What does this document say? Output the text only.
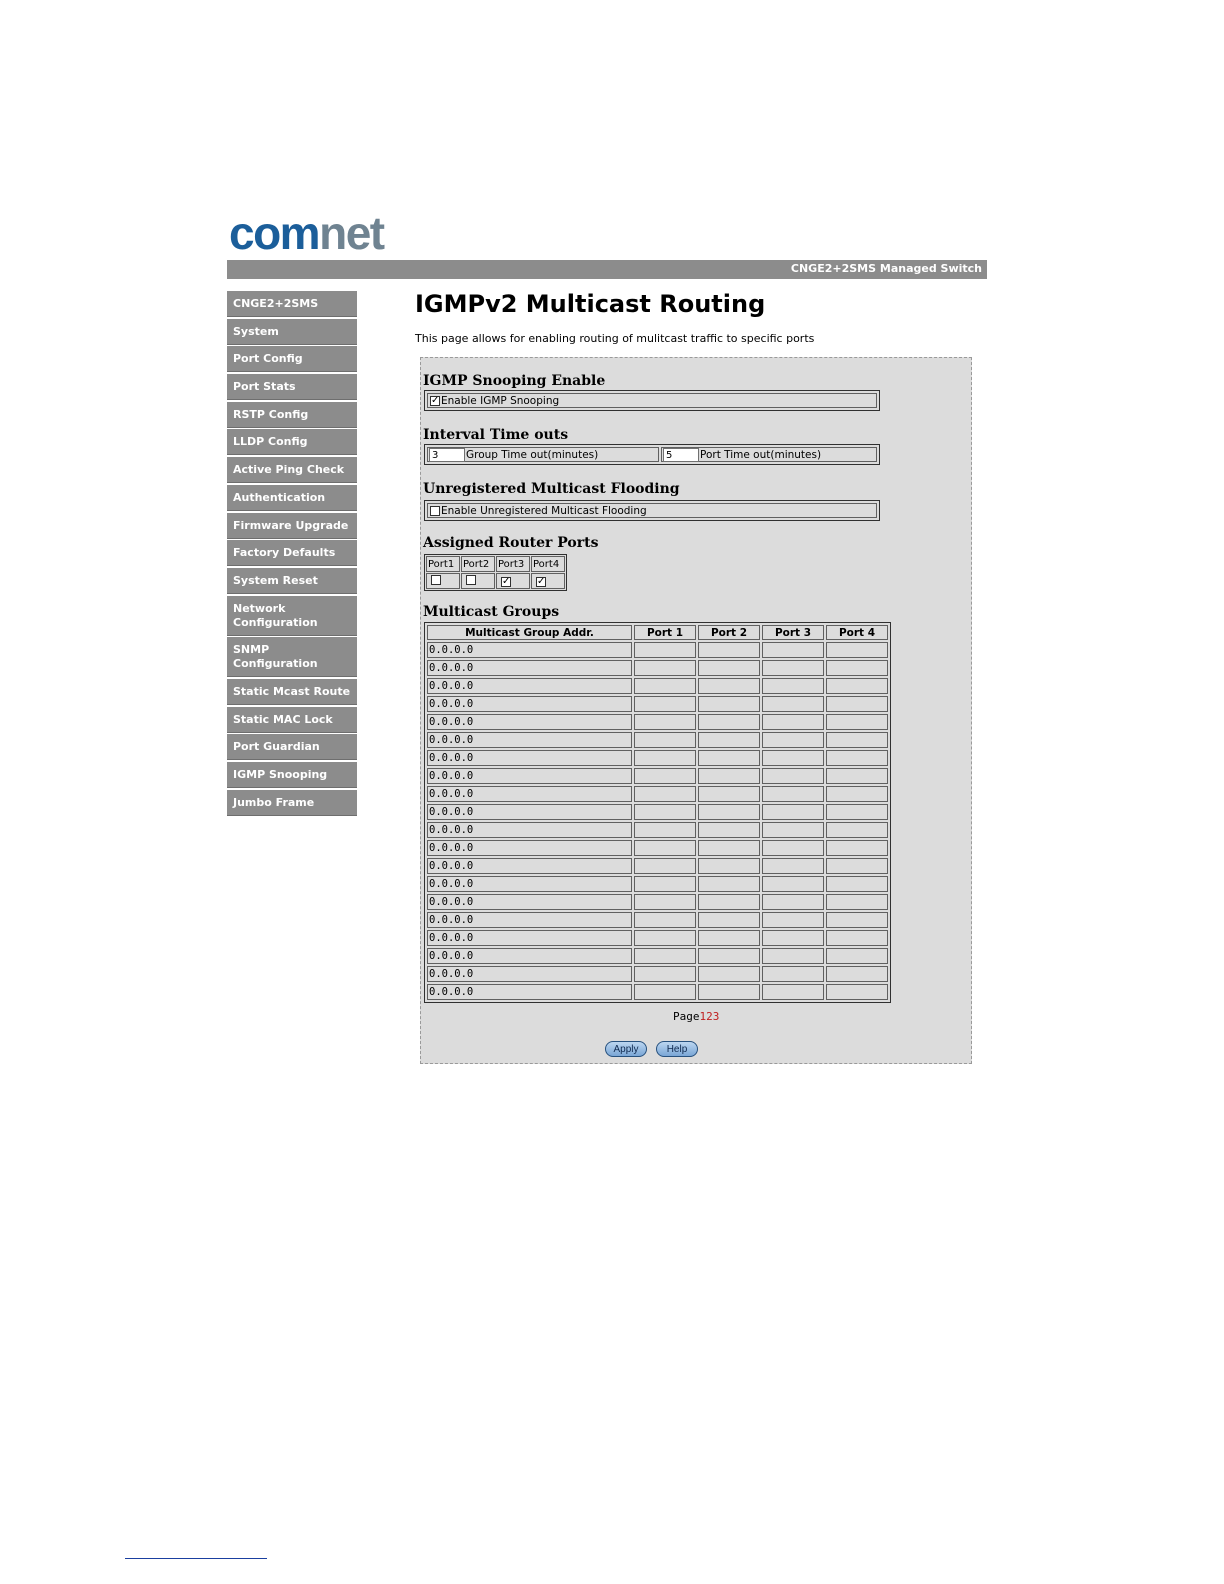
comnet
CNGE2+2SMS Managed Switch
CNGE2+2SMS
System
Port Config
Port Stats
RSTP Config
LLDP Config
Active Ping Check
Authentication
Firmware Upgrade
Factory Defaults
System Reset
Network Configuration
SNMP Configuration
Static Mcast Route
Static MAC Lock
Port Guardian
IGMP Snooping
Jumbo Frame
IGMPv2 Multicast Routing
This page allows for enabling routing of mulitcast traffic to specific ports
IGMP Snooping Enable
✓ Enable IGMP Snooping
Interval Time outs
3	Group Time out(minutes)	5	Port Time out(minutes)
Unregistered Multicast Flooding
Enable Unregistered Multicast Flooding
Assigned Router Ports
Port1	Port2	Port3	Port4
		✓	✓
Multicast Groups
Multicast Group Addr.	Port 1	Port 2	Port 3	Port 4
0.0.0.0				
0.0.0.0				
0.0.0.0				
0.0.0.0				
0.0.0.0				
0.0.0.0				
0.0.0.0				
0.0.0.0				
0.0.0.0				
0.0.0.0				
0.0.0.0				
0.0.0.0				
0.0.0.0				
0.0.0.0				
0.0.0.0				
0.0.0.0				
0.0.0.0				
0.0.0.0				
0.0.0.0				
0.0.0.0				
Page123
Apply	Help
